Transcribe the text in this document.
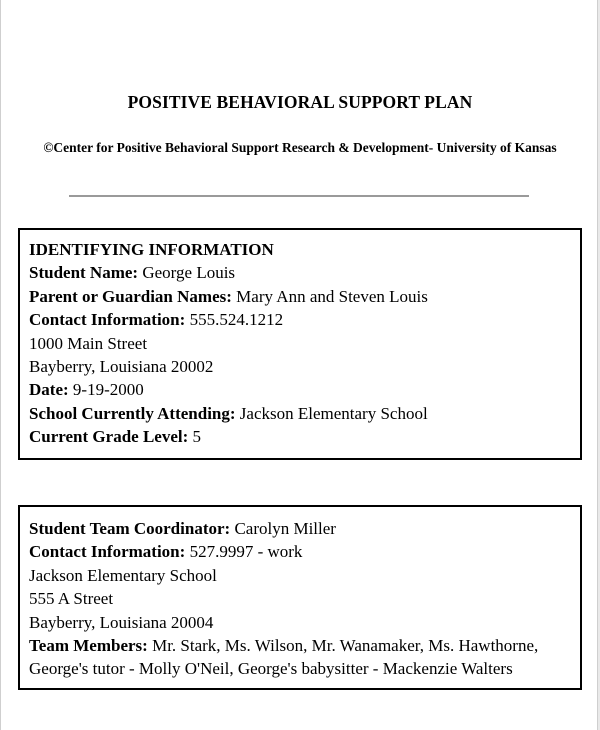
POSITIVE BEHAVIORAL SUPPORT PLAN
©Center for Positive Behavioral Support Research & Development- University of Kansas
IDENTIFYING INFORMATION
Student Name: George Louis
Parent or Guardian Names: Mary Ann and Steven Louis
Contact Information: 555.524.1212
1000 Main Street
Bayberry, Louisiana 20002
Date: 9-19-2000
School Currently Attending: Jackson Elementary School
Current Grade Level: 5
Student Team Coordinator: Carolyn Miller
Contact Information: 527.9997 - work
Jackson Elementary School
555 A Street
Bayberry, Louisiana 20004
Team Members: Mr. Stark, Ms. Wilson, Mr. Wanamaker, Ms. Hawthorne, George's tutor - Molly O'Neil, George's babysitter - Mackenzie Walters
